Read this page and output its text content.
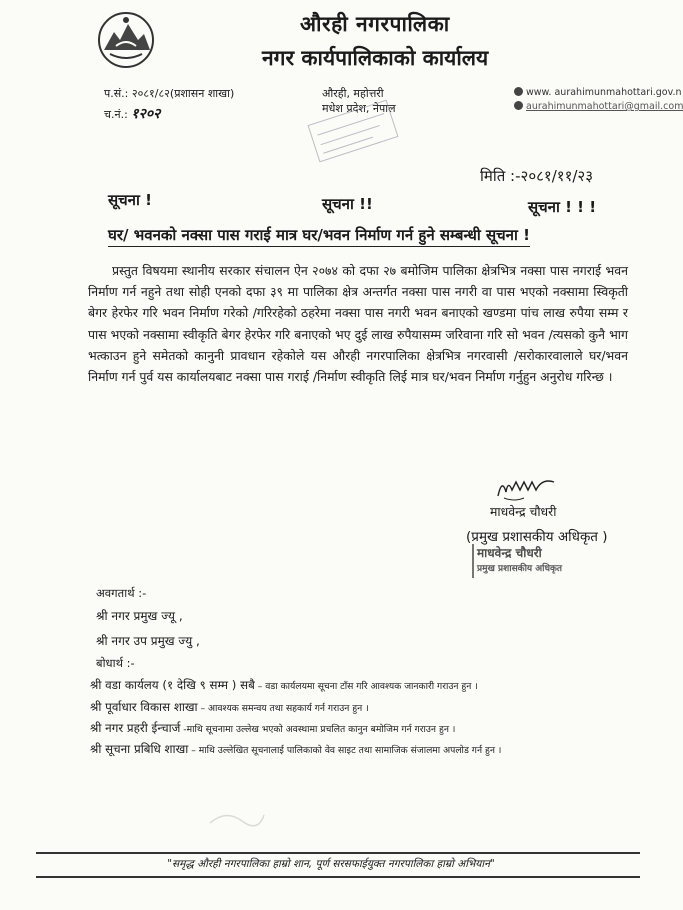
औरही नगरपालिका
नगर कार्यपालिकाको कार्यालय
प.सं.: २०८१/८२(प्रशासन शाखा)
च.नं.: १२०२
औरही, महोत्तरी
मधेश प्रदेश, नेपाल
www. aurahimunmahottari.gov.n
aurahimunmahottari@gmail.com
मिति :-२०८१/११/२३
सूचना !	सूचना !!	सूचना ! ! !
घर/ भवनको नक्सा पास गराई मात्र घर/भवन निर्माण गर्न हुने सम्बन्धी सूचना !
प्रस्तुत विषयमा स्थानीय सरकार संचालन ऐन २०७४ को दफा २७ बमोजिम पालिका क्षेत्रभित्र नक्सा पास नगराई भवन निर्माण गर्न नहुने तथा सोही एनको दफा ३९ मा पालिका क्षेत्र अन्तर्गत नक्सा पास नगरी वा पास भएको नक्सामा स्विकृती बेगर हेरफेर गरि भवन निर्माण गरेको /गरिरहेको ठहरेमा नक्सा पास नगरी भवन बनाएको खण्डमा पांच लाख रुपैया सम्म र पास भएको नक्सामा स्वीकृति बेगर हेरफेर गरि बनाएको भए दुई लाख रुपैयासम्म जरिवाना गरि सो भवन /त्यसको कुनै भाग भत्काउन हुने समेतको कानुनी प्रावधान रहेकोले यस औरही नगरपालिका क्षेत्रभित्र नगरवासी /सरोकारवालाले घर/भवन निर्माण गर्न पुर्व यस कार्यालयबाट नक्सा पास गराई /निर्माण स्वीकृति लिई मात्र घर/भवन निर्माण गर्नुहुन अनुरोध गरिन्छ ।
माधवेन्द्र चौधरी
(प्रमुख प्रशासकीय अधिकृत )
माधवेन्द्र चौधरी
प्रमुख प्रशासकीय अधिकृत
अवगतार्थ :-
श्री नगर प्रमुख ज्यू ,
श्री नगर उप प्रमुख ज्यु ,
बोधार्थ :-
श्री वडा कार्यलय (१ देखि ९ सम्म ) सबै – वडा कार्यलयमा सूचना टाँस गरि आवश्यक जानकारी गराउन हुन ।
श्री पूर्वाधार विकास शाखा – आवश्यक समन्वय तथा सहकार्य गर्न गराउन हुन ।
श्री नगर प्रहरी ईन्चार्ज -माथि सूचनामा उल्लेख भएको अवस्थामा प्रचलित कानुन बमोजिम गर्न गराउन हुन ।
श्री सूचना प्रबिधि शाखा – माथि उल्लेखित सूचनालाई पालिकाको वेव साइट तथा सामाजिक संजालमा अपलोड गर्न हुन ।
"समृद्ध औरही नगरपालिका हाम्रो शान, पूर्ण सरसफाईयुक्त नगरपालिका हाम्रो अभियान"
